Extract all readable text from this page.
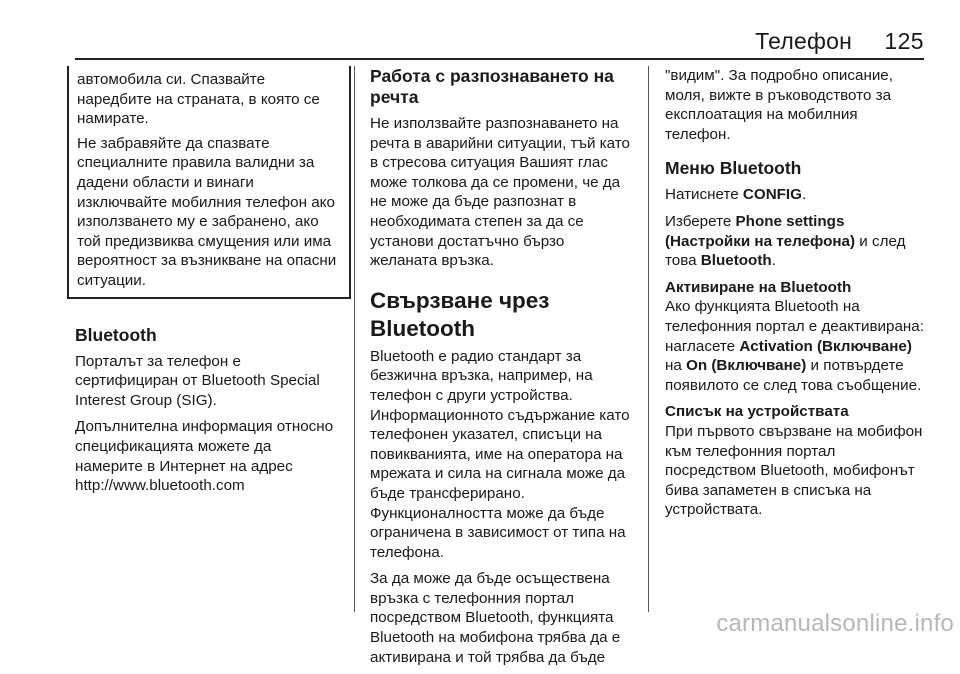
Телефон 125

автомобила си. Спазвайте наредбите на страната, в която се намирате.

Не забравяйте да спазвате специалните правила валидни за дадени области и винаги изключвайте мобилния телефон ако използването му е забранено, ако той предизвиква смущения или има вероятност за възникване на опасни ситуации.

Bluetooth

Порталът за телефон е сертифициран от Bluetooth Special Interest Group (SIG).

Допълнителна информация относно спецификацията можете да намерите в Интернет на адрес http://www.bluetooth.com

Работа с разпознаването на речта

Не използвайте разпознаването на речта в аварийни ситуации, тъй като в стресова ситуация Вашият глас може толкова да се промени, че да не може да бъде разпознат в необходимата степен за да се установи достатъчно бързо желаната връзка.

Свързване чрез Bluetooth

Bluetooth е радио стандарт за безжична връзка, например, на телефон с други устройства. Информационното съдържание като телефонен указател, списъци на повикванията, име на оператора на мрежата и сила на сигнала може да бъде трансферирано. Функционалността може да бъде ограничена в зависимост от типа на телефона.

За да може да бъде осъществена връзка с телефонния портал посредством Bluetooth, функцията Bluetooth на мобифона трябва да е активирана и той трябва да бъде

"видим". За подробно описание, моля, вижте в ръководството за експлоатация на мобилния телефон.

Меню Bluetooth

Натиснете CONFIG.

Изберете Phone settings (Настройки на телефона) и след това Bluetooth.

Активиране на Bluetooth
Ако функцията Bluetooth на телефонния портал е деактивирана: нагласете Activation (Включване) на On (Включване) и потвърдете появилото се след това съобщение.

Списък на устройствата
При първото свързване на мобифон към телефонния портал посредством Bluetooth, мобифонът бива запаметен в списъка на устройствата.

carmanualsonline.info
